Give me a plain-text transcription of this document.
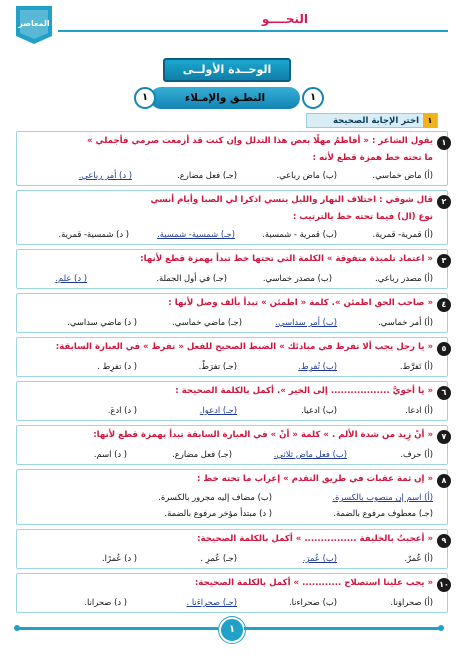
المعاصر	النحــــو
الوحــدة الأولــى
١
النطـق والإمـلاء
١
١
اختر الإجابة الصحيحة
١
يقول الشاعر : « أفاطمُ مهلًا بعض هذا التدلل وإن كنت قد أزمعت صرمي فأجملي »
ما تحته خط همزة قطع لأنه :
(أ) ماض خماسي.
(ب) ماض رباعي.
(جـ) فعل مضارع.
( د) أمر رباعي.
٢
قال شوقي : اختلاف النهار والليل ينسي اذكرا لي الصبا وأيام أنسي
نوع (ال) فيما تحته خط بالترتيب :
(أ) قمرية- قمرية.
(ب) قمرية - شمسية.
(جـ) شمسية- شمسية.
( د) شمسية- قمرية.
٣
« اعتماد تلميذة متفوقة » الكلمة التي تحتها خط تبدأ بهمزة قطع لأنها:
(أ) مصدر رباعي.
(ب) مصدر خماسي.
(جـ) في أول الجملة.
( د) علم.
٤
« صاحب الحق اطمئن ». كلمة « اطمئن » تبدأ بألف وصل لأنها :
(أ) أمر خماسي.
(ب) أمر سداسي.
(جـ) ماضي خماسي.
( د) ماضي سداسي.
٥
« يا رجل يجب ألا تفرط في مبادئك » الضبط الصحيح للفعل « تفرط » في العبارة السابقة:
(أ) تَفرَّط.
(ب) تُفرِط.
(جـ) تفرَطْ.
( د) تفرِط .
٦
« يا أخويَّ .................. إلى الخير ». أكمل بالكلمة الصحيحة :
(أ) ادعا.
(ب) ادعيا.
(جـ) ادعوا.
( د) ادعَ.
٧
« أنْ زِيد من شدة الألم . » كلمة « أنْ » في العبارة السابقة تبدأ بهمزة قطع لأنها:
(أ) حرف.
(ب) فعل ماض ثلاثي.
(جـ) فعل مضارع.
( د) اسم.
٨
« إن ثمة عقبات في طريق التقدم » إعراب ما تحته خط :
(أ) اسم إن منصوب بالكسرة.
(ب) مضاف إليه مجرور بالكسرة.
(جـ) معطوف مرفوع بالضمة.
( د) مبتدأ مؤخر مرفوع بالضمة.
٩
« أعجبتُ بالخليفة ................ » أكمل بالكلمة الصحيحة:
(أ) عُمرٌ.
(ب) عُمرَ.
(جـ) عُمرِ .
( د) عُمرًا.
١٠
« يجب علينا استصلاح ............ » أكمل بالكلمة الصحيحة:
(أ) صحراوَنا.
(ب) صحراءنا.
(جـ) صحراءَنا .
( د) صحرانا.
١
